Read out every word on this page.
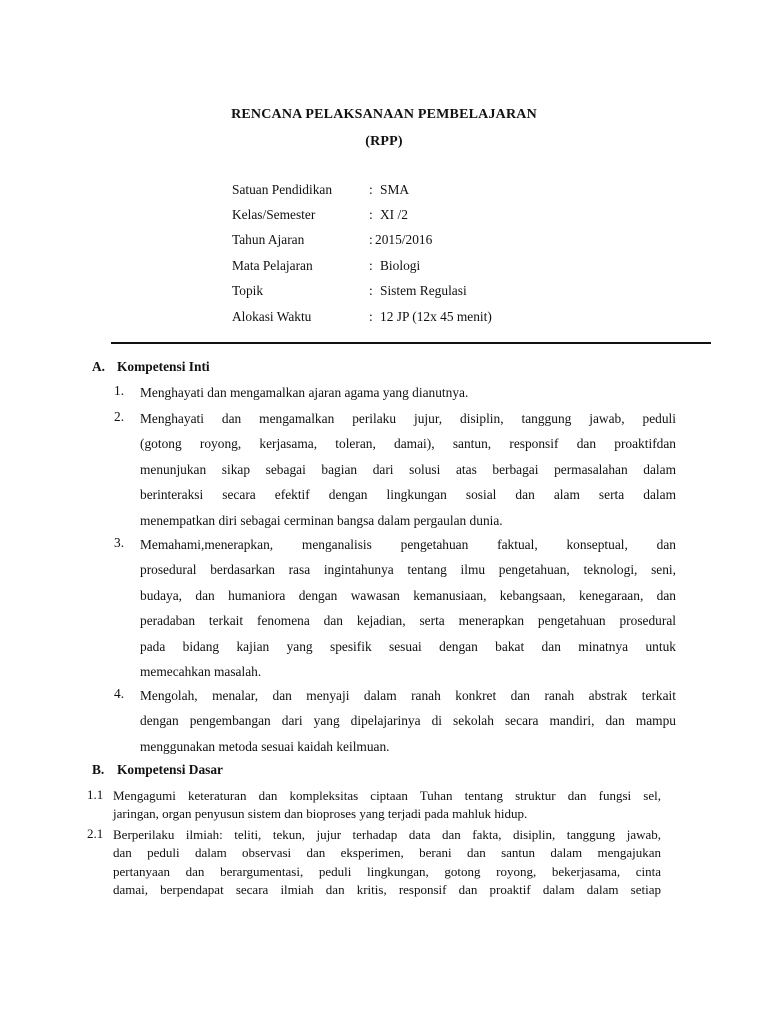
RENCANA PELAKSANAAN PEMBELAJARAN
(RPP)
Satuan Pendidikan	: SMA
Kelas/Semester	: XI /2
Tahun Ajaran	: 2015/2016
Mata Pelajaran	: Biologi
Topik	: Sistem Regulasi
Alokasi Waktu	: 12 JP (12x 45 menit)
A. Kompetensi Inti
1. Menghayati dan mengamalkan ajaran agama yang dianutnya.
2. Menghayati dan mengamalkan perilaku jujur, disiplin, tanggung jawab, peduli
(gotong royong, kerjasama, toleran, damai), santun, responsif dan proaktifdan
menunjukan sikap sebagai bagian dari solusi atas berbagai permasalahan dalam
berinteraksi secara efektif dengan lingkungan sosial dan alam serta dalam
menempatkan diri sebagai cerminan bangsa dalam pergaulan dunia.
3. Memahami,menerapkan, menganalisis pengetahuan faktual, konseptual, dan
prosedural berdasarkan rasa ingintahunya tentang ilmu pengetahuan, teknologi, seni,
budaya, dan humaniora dengan wawasan kemanusiaan, kebangsaan, kenegaraan, dan
peradaban terkait fenomena dan kejadian, serta menerapkan pengetahuan prosedural
pada bidang kajian yang spesifik sesuai dengan bakat dan minatnya untuk
memecahkan masalah.
4. Mengolah, menalar, dan menyaji dalam ranah konkret dan ranah abstrak terkait
dengan pengembangan dari yang dipelajarinya di sekolah secara mandiri, dan mampu
menggunakan metoda sesuai kaidah keilmuan.
B. Kompetensi Dasar
1.1 Mengagumi keteraturan dan kompleksitas ciptaan Tuhan tentang struktur dan fungsi sel,
jaringan, organ penyusun sistem dan bioproses yang terjadi pada mahluk hidup.
2.1 Berperilaku ilmiah: teliti, tekun, jujur terhadap data dan fakta, disiplin, tanggung jawab,
dan peduli dalam observasi dan eksperimen, berani dan santun dalam mengajukan
pertanyaan dan berargumentasi, peduli lingkungan, gotong royong, bekerjasama, cinta
damai, berpendapat secara ilmiah dan kritis, responsif dan proaktif dalam dalam setiap
